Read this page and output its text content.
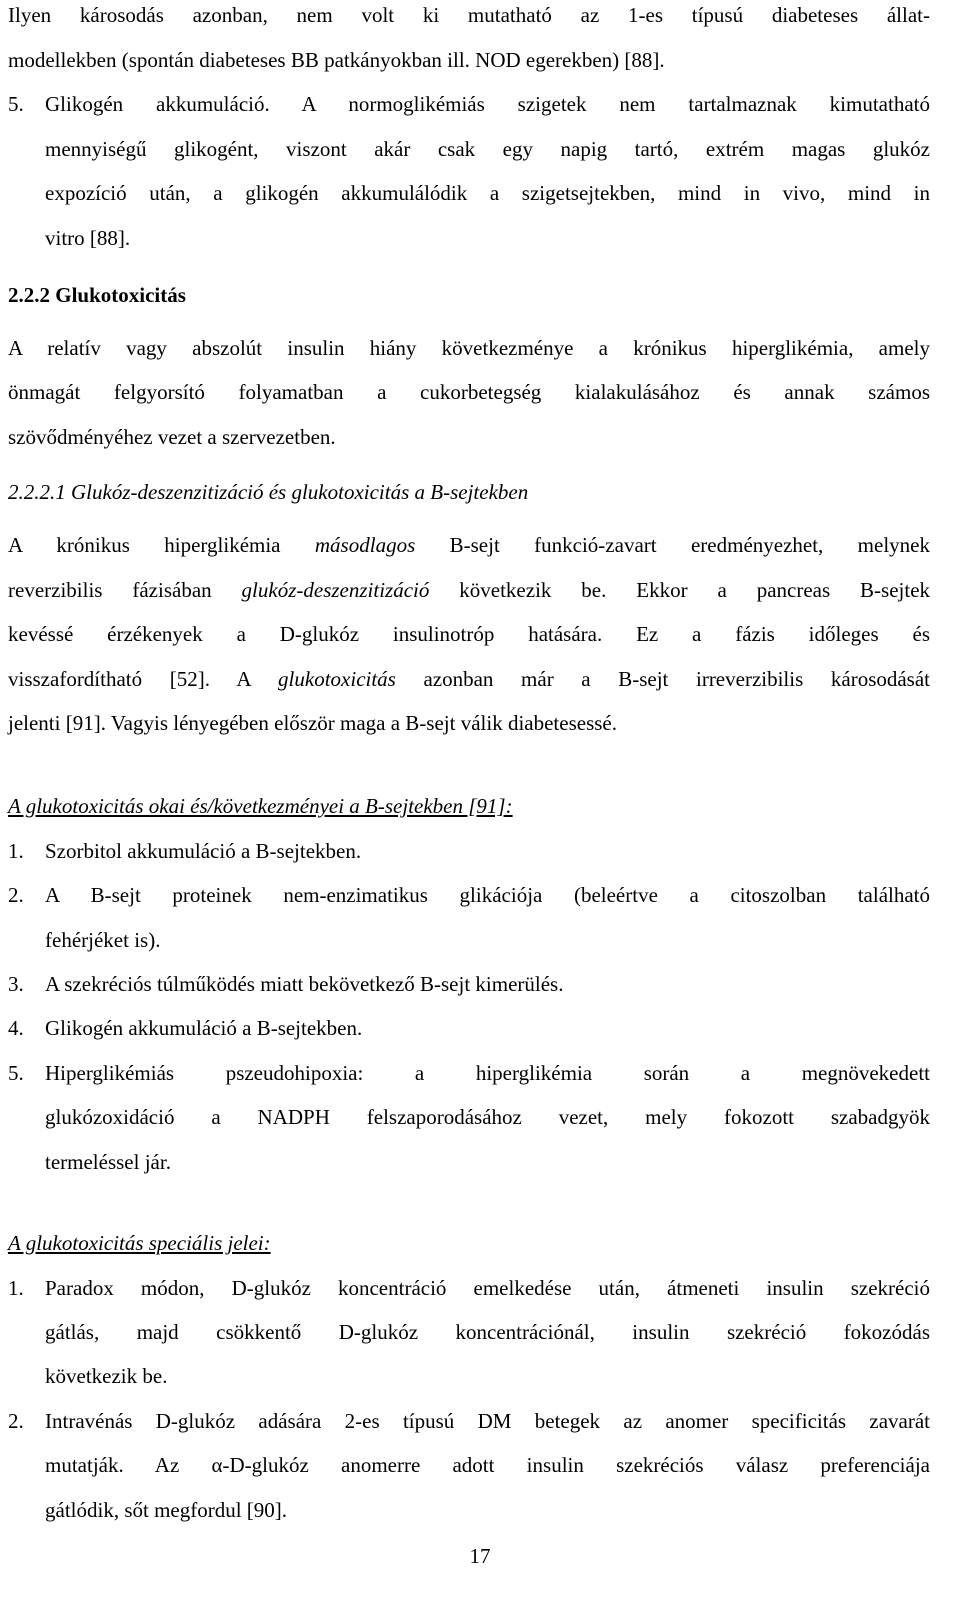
Ilyen károsodás azonban, nem volt ki mutatható az 1-es típusú diabeteses állat-
modellekben (spontán diabeteses BB patkányokban ill. NOD egerekben) [88].
5.	Glikogén akkumuláció. A normoglikémiás szigetek nem tartalmaznak kimutatható
mennyiségű glikogént, viszont akár csak egy napig tartó, extrém magas glukóz
expozíció után, a glikogén akkumulálódik a szigetsejtekben, mind in vivo, mind in
vitro [88].
2.2.2 Glukotoxicitás
A relatív vagy abszolút insulin hiány következménye a krónikus hiperglikémia, amely
önmagát felgyorsító folyamatban a cukorbetegség kialakulásához és annak számos
szövődményéhez vezet a szervezetben.
2.2.2.1 Glukóz-deszenzitizáció és glukotoxicitás a B-sejtekben
A krónikus hiperglikémia másodlagos B-sejt funkció-zavart eredményezhet, melynek
reverzibilis fázisában glukóz-deszenzitizáció következik be. Ekkor a pancreas B-sejtek
kevéssé érzékenyek a D-glukóz insulinotróp hatására. Ez a fázis időleges és
visszafordítható [52]. A glukotoxicitás azonban már a B-sejt irreverzibilis károsodását
jelenti [91]. Vagyis lényegében először maga a B-sejt válik diabetesessé.
A glukotoxicitás okai és/következményei a B-sejtekben [91]:
1.	Szorbitol akkumuláció a B-sejtekben.
2.	A B-sejt proteinek nem-enzimatikus glikációja (beleértve a citoszolban található
fehérjéket is).
3.	A szekréciós túlműködés miatt bekövetkező B-sejt kimerülés.
4.	Glikogén akkumuláció a B-sejtekben.
5.	Hiperglikémiás pszeudohipoxia: a hiperglikémia során a megnövekedett
glukózoxidáció a NADPH felszaporodásához vezet, mely fokozott szabadgyök
termeléssel jár.
A glukotoxicitás speciális jelei:
1.	Paradox módon, D-glukóz koncentráció emelkedése után, átmeneti insulin szekréció
gátlás, majd csökkentő D-glukóz koncentrációnál, insulin szekréció fokozódás
következik be.
2.	Intravénás D-glukóz adására 2-es típusú DM betegek az anomer specificitás zavarát
mutatják. Az α-D-glukóz anomerre adott insulin szekréciós válasz preferenciája
gátlódik, sőt megfordul [90].
17
